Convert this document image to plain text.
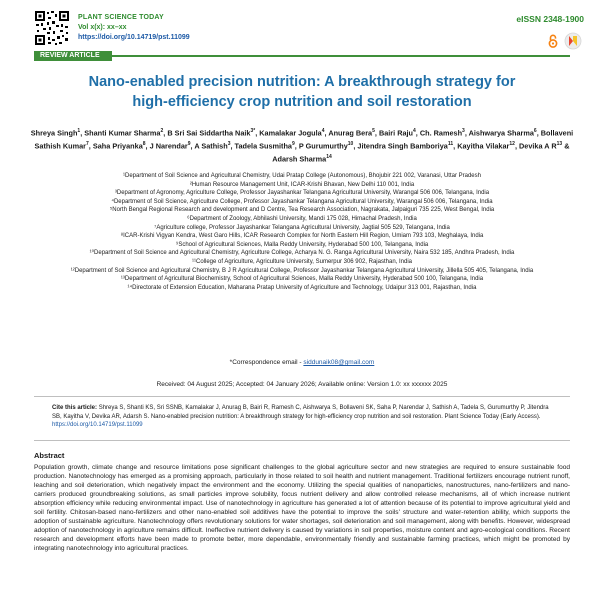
PLANT SCIENCE TODAY
Vol x(x): xx–xx
https://doi.org/10.14719/pst.11099
eISSN 2348-1900
REVIEW ARTICLE
Nano-enabled precision nutrition: A breakthrough strategy for
high-efficiency crop nutrition and soil restoration
Shreya Singh$^1$, Shanti Kumar Sharma$^2$, B Sri Sai Siddartha Naik$^{3*}$, Kamalakar Jogula$^4$, Anurag Bera$^5$, Bairi Raju$^4$, Ch. Ramesh$^3$, Aishwarya Sharma$^6$, Bollaveni Sathish Kumar$^7$, Saha Priyanka$^8$, J Narendar$^9$, A Sathish$^3$, Tadela Susmitha$^9$, P Gurumurthy$^{10}$, Jitendra Singh Bamboriya$^{11}$, Kayitha Vilakar$^{12}$, Devika A $R^{13}$ & Adarsh Sharma$^{14}$
¹Department of Soil Science and Agricultural Chemistry, Udai Pratap College (Autonomous), Bhojubir 221 002, Varanasi, Uttar Pradesh
²Human Resource Management Unit, ICAR-Krishi Bhavan, New Delhi 110 001, India
³Department of Agronomy, Agriculture College, Professor Jayashankar Telangana Agricultural University, Warangal 506 006, Telangana, India
⁴Department of Soil Science, Agriculture College, Professor Jayashankar Telangana Agricultural University, Warangal 506 006, Telangana, India
⁵North Bengal Regional Research and development and D Centre, Tea Research Association, Nagrakata, Jalpaiguri 735 225, West Bengal, India
⁶Department of Zoology, Abhilashi University, Mandi 175 028, Himachal Pradesh, India
⁷Agriculture college, Professor Jayashankar Telangana Agricultural University, Jagtial 505 529, Telangana, India
⁸ICAR-Krishi Vigyan Kendra, West Garo Hills, ICAR Research Complex for North Eastern Hill Region, Umiam 793 103, Meghalaya, India
⁹School of Agricultural Sciences, Malla Reddy University, Hyderabad 500 100, Telangana, India
¹⁰Department of Soil Science and Agricultural Chemistry, Agriculture College, Acharya N. G. Ranga Agricultural University, Naira 532 185, Andhra Pradesh, India
¹¹College of Agriculture, Agriculture University, Sumerpur 306 902, Rajasthan, India
¹²Department of Soil Science and Agricultural Chemistry, B J R Agricultural College, Professor Jayashankar Telangana Agricultural University, Jillella 505 405, Telangana, India
¹³Department of Agricultural Biochemistry, School of Agricultural Sciences, Malla Reddy University, Hyderabad 500 100, Telangana, India
¹⁴Directorate of Extension Education, Maharana Pratap University of Agriculture and Technology, Udaipur 313 001, Rajasthan, India
*Correspondence email - siddunaik08@gmail.com
Received: 04 August 2025; Accepted: 04 January 2026; Available online: Version 1.0: xx xxxxxx 2025
Cite this article: Shreya S, Shanti KS, Sri SSNB, Kamalakar J, Anurag B, Bairi R, Ramesh C, Aishwarya S, Bollaveni SK, Saha P, Narendar J, Sathish A, Tadela S, Gurumurthy P, Jitendra SB, Kayitha V, Devika AR, Adarsh S. Nano-enabled precision nutrition: A breakthrough strategy for high-efficiency crop nutrition and soil restoration. Plant Science Today (Early Access). https://doi.org/10.14719/pst.11099
Abstract
Population growth, climate change and resource limitations pose significant challenges to the global agriculture sector and new strategies are required to ensure sustainable food production. Nanotechnology has emerged as a promising approach, particularly in those related to soil health and nutrient management. Traditional fertilizers encourage nutrient runoff, leaching and soil deterioration, which negatively impact the environment and the economy. Utilizing the special qualities of nanoparticles, nanostructures, nano-fertilizers and nano-carriers produced groundbreaking solutions, as small particles improve solubility, focus nutrient delivery and allow controlled release mechanisms, all of which increase nutrient absorption efficiency while reducing environmental impact. Use of nanotechnology in agriculture has generated a lot of attention because of its potential to improve agricultural yield and soil fertility. Chitosan-based nano-fertilizers and other nano-enabled soil additives have the potential to improve the soils' structure and water-retention ability, which supports the adoption of sustainable agriculture. Nanotechnology offers revolutionary solutions for water shortages, soil deterioration and soil management, along with benefits. However, widespread adoption of nanotechnology in agriculture remains difficult. Ineffective nutrient delivery is caused by variations in soil properties, moisture content and agro-ecological conditions. Recent research and development efforts have been made to promote better, more dependable, environmentally friendly and sustainable farming practices, which might be promoted by integrating nanotechnology into agricultural practices.
